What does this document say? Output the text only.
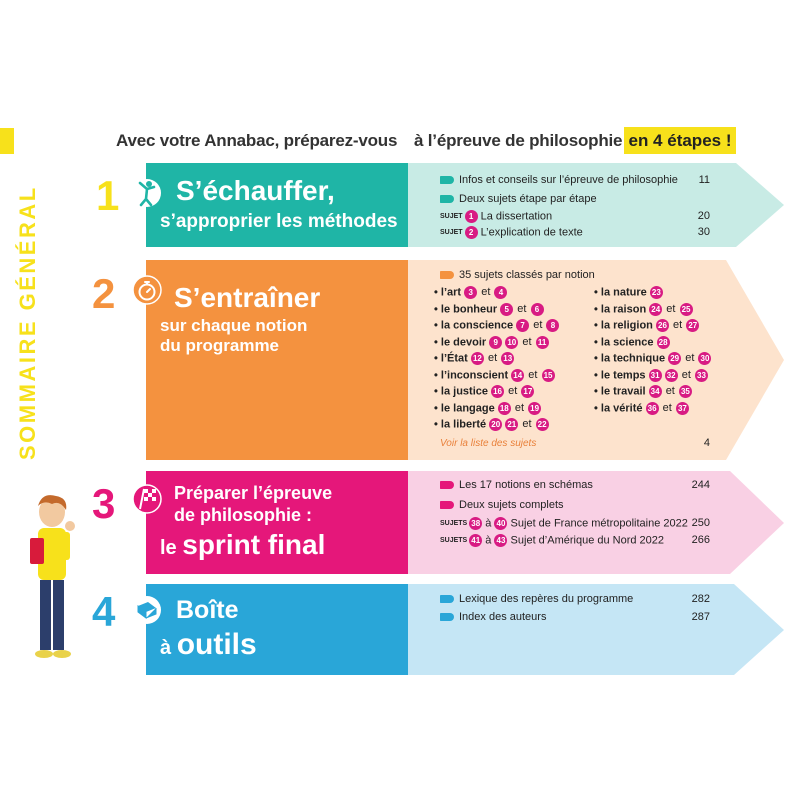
Avec votre Annabac, préparez-vous à l’épreuve de philosophie en 4 étapes !
SOMMAIRE GÉNÉRAL 1 S’échauffer,
s’approprier les méthodes
Infos et conseils sur l’épreuve de philosophie	11
Deux sujets étape par étape
SUJET 1 La dissertation	20
SUJET 2 L’explication de texte	30
2 S’entraîner
sur chaque notion
du programme
35 sujets classés par notion
• l’art 3 et 4
• le bonheur 5 et 6
• la conscience 7 et 8
• le devoir 9 10 et 11
• l’État 12 et 13
• l’inconscient 14 et 15
• la justice 16 et 17
• le langage 18 et 19
• la liberté 20 21 et 22
• la nature 23
• la raison 24 et 25
• la religion 26 et 27
• la science 28
• la technique 29 et 30
• le temps 31 32 et 33
• le travail 34 et 35
• la vérité 36 et 37
Voir la liste des sujets	4
3	Préparer l’épreuve
de philosophie :
le sprint final
Les 17 notions en schémas	244
Deux sujets complets
SUJETS 38 à 40 Sujet de France métropolitaine 2022 250
SUJETS 41 à 43 Sujet d’Amérique du Nord 2022	266
4 Boîte
à outils
Lexique des repères du programme	282
Index des auteurs	287
